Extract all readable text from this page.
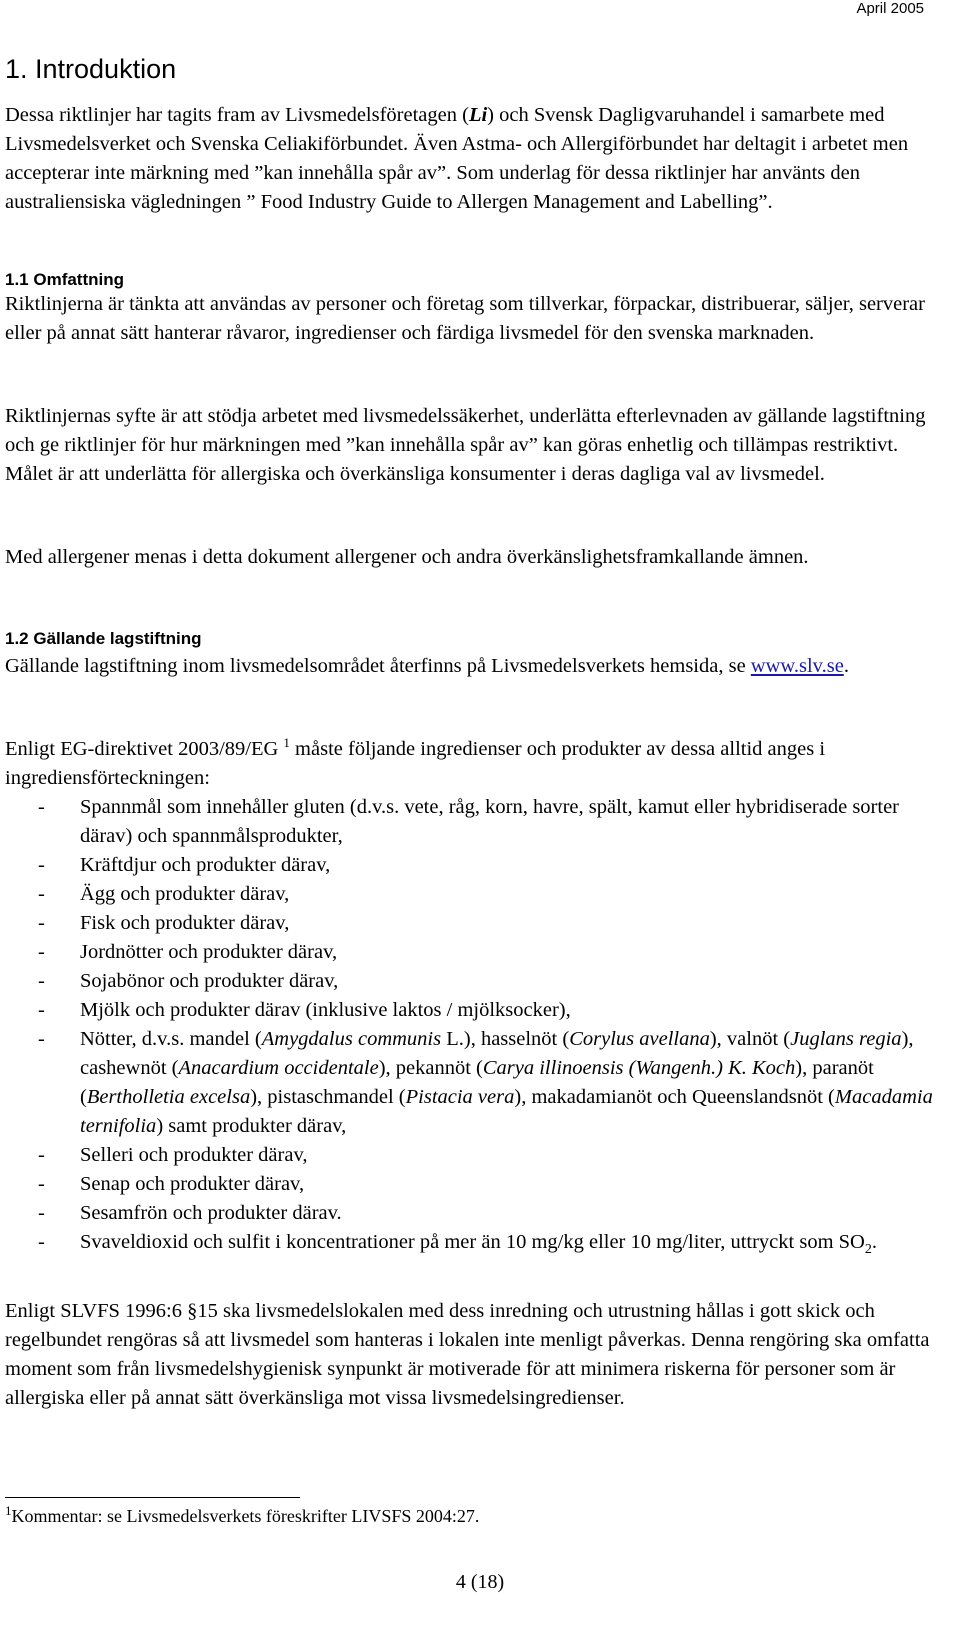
April 2005
1. Introduktion

Dessa riktlinjer har tagits fram av Livsmedelsföretagen (Li) och Svensk Dagligvaruhandel i samarbete med Livsmedelsverket och Svenska Celiakiförbundet. Även Astma- och Allergiförbundet har deltagit i arbetet men accepterar inte märkning med ”kan innehålla spår av”. Som underlag för dessa riktlinjer har använts den australiensiska vägledningen ” Food Industry Guide to Allergen Management and Labelling”.

1.1 Omfattning

Riktlinjerna är tänkta att användas av personer och företag som tillverkar, förpackar, distribuerar, säljer, serverar eller på annat sätt hanterar råvaror, ingredienser och färdiga livsmedel för den svenska marknaden.

Riktlinjernas syfte är att stödja arbetet med livsmedelssäkerhet, underlätta efterlevnaden av gällande lagstiftning och ge riktlinjer för hur märkningen med ”kan innehålla spår av” kan göras enhetlig och tillämpas restriktivt. Målet är att underlätta för allergiska och överkänsliga konsumenter i deras dagliga val av livsmedel.

Med allergener menas i detta dokument allergener och andra överkänslighetsframkallande ämnen.

1.2 Gällande lagstiftning

Gällande lagstiftning inom livsmedelsområdet återfinns på Livsmedelsverkets hemsida, se www.slv.se.

Enligt EG-direktivet 2003/89/EG $^1$ måste följande ingredienser och produkter av dessa alltid anges i ingrediensförteckningen:

- Spannmål som innehåller gluten (d.v.s. vete, råg, korn, havre, spält, kamut eller hybridiserade sorter därav) och spannmålsprodukter,
- Kräftdjur och produkter därav,
- Ägg och produkter därav,
- Fisk och produkter därav,
- Jordnötter och produkter därav,
- Sojabönor och produkter därav,
- Mjölk och produkter därav (inklusive laktos / mjölksocker),
- Nötter, d.v.s. mandel (Amygdalus communis L.), hasselnöt (Corylus avellana), valnöt (Juglans regia), cashewnöt (Anacardium occidentale), pekannöt (Carya illinoensis (Wangenh.) K. Koch), paranöt (Bertholletia excelsa), pistaschmandel (Pistacia vera), makadamianöt och Queenslandsnöt (Macadamia ternifolia) samt produkter därav,
- Selleri och produkter därav,
- Senap och produkter därav,
- Sesamfrön och produkter därav.
- Svaveldioxid och sulfit i koncentrationer på mer än 10 mg/kg eller 10 mg/liter, uttryckt som $SO_2$.

Enligt SLVFS 1996:6 §15 ska livsmedelslokalen med dess inredning och utrustning hållas i gott skick och regelbundet rengöras så att livsmedel som hanteras i lokalen inte menligt påverkas. Denna rengöring ska omfatta moment som från livsmedelshygienisk synpunkt är motiverade för att minimera riskerna för personer som är allergiska eller på annat sätt överkänsliga mot vissa livsmedelsingredienser.

$^1$Kommentar: se Livsmedelsverkets föreskrifter LIVSFS 2004:27.
4 (18)
